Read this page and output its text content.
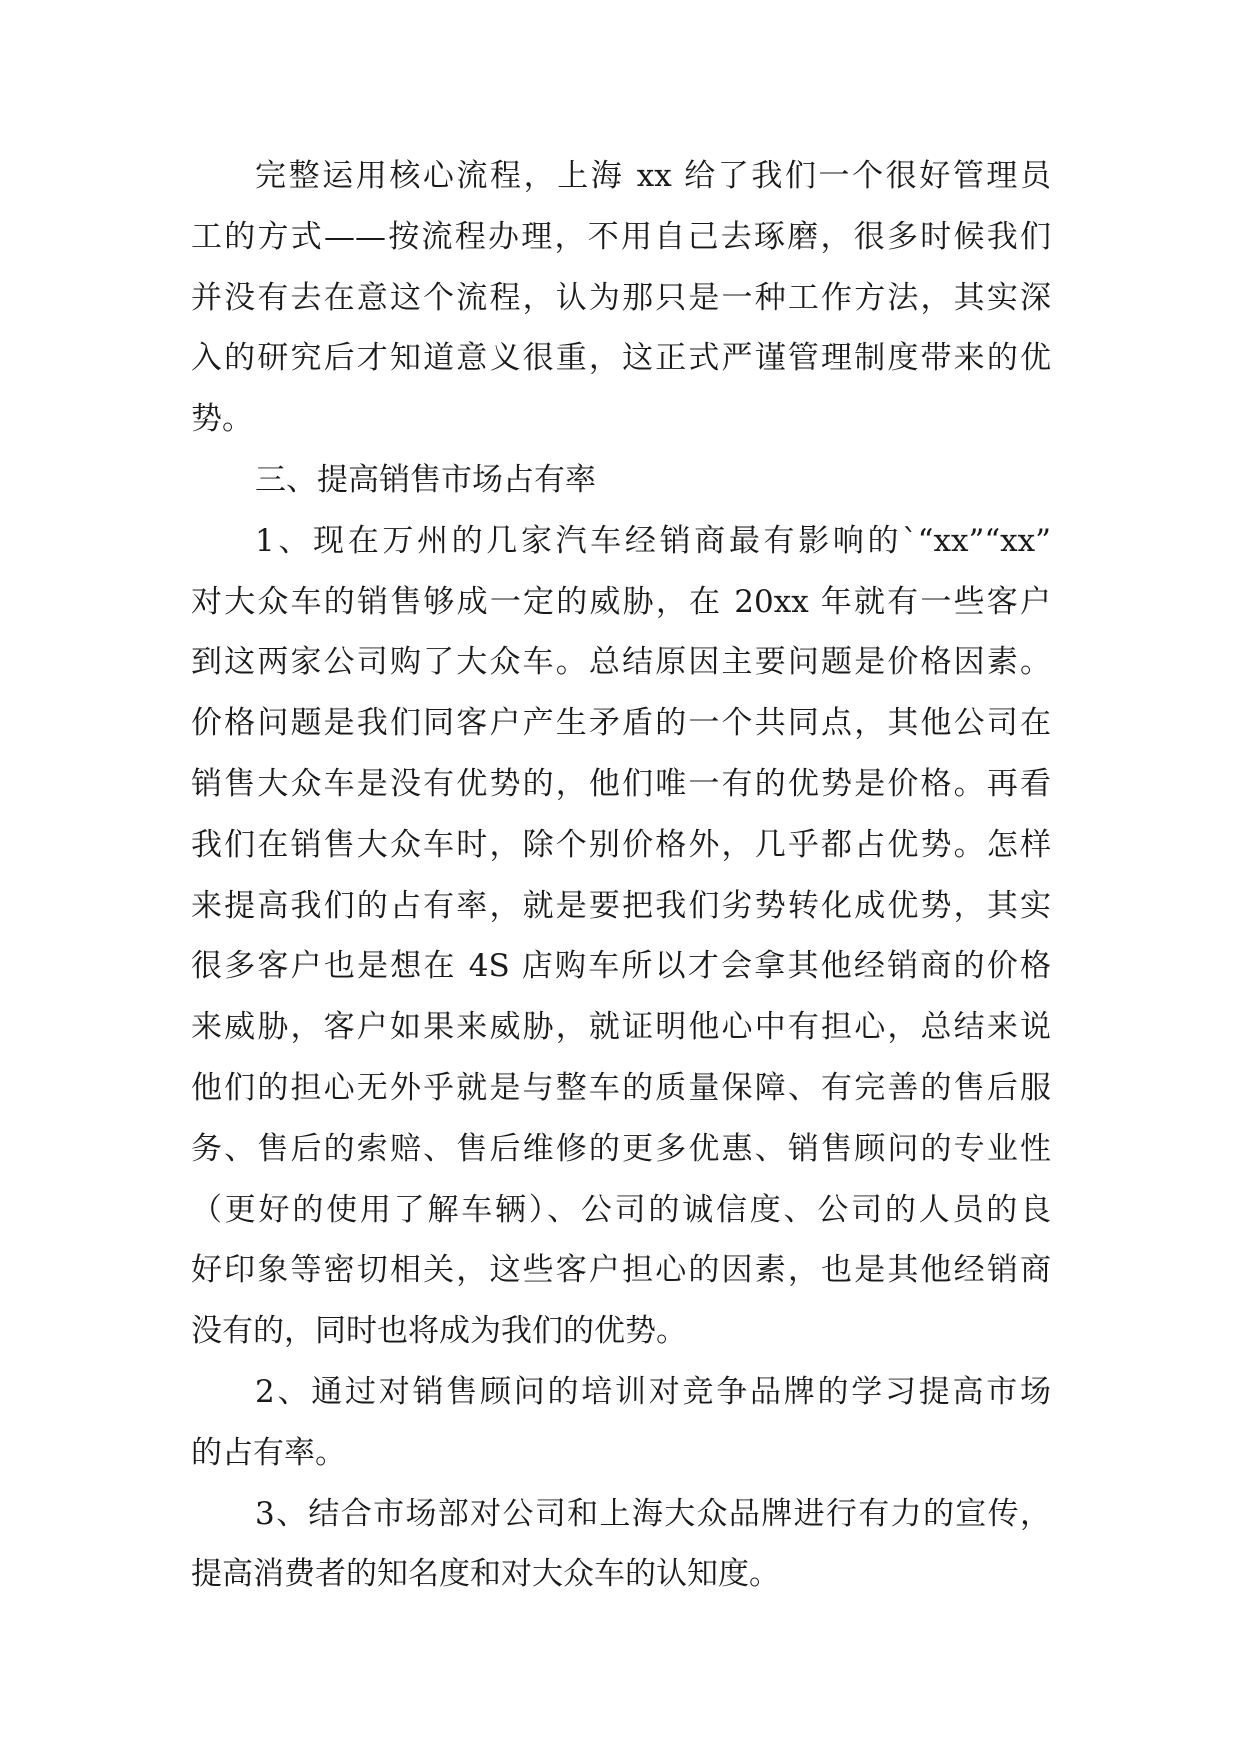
完整运用核心流程，上海 xx 给了我们一个很好管理员
工的方式——按流程办理，不用自己去琢磨，很多时候我们
并没有去在意这个流程，认为那只是一种工作方法，其实深
入的研究后才知道意义很重，这正式严谨管理制度带来的优
势。
三、提高销售市场占有率
1、现在万州的几家汽车经销商最有影响的`“xx”“xx”
对大众车的销售够成一定的威胁，在 20xx 年就有一些客户
到这两家公司购了大众车。总结原因主要问题是价格因素。
价格问题是我们同客户产生矛盾的一个共同点，其他公司在
销售大众车是没有优势的，他们唯一有的优势是价格。再看
我们在销售大众车时，除个别价格外，几乎都占优势。怎样
来提高我们的占有率，就是要把我们劣势转化成优势，其实
很多客户也是想在 4S 店购车所以才会拿其他经销商的价格
来威胁，客户如果来威胁，就证明他心中有担心，总结来说
他们的担心无外乎就是与整车的质量保障、有完善的售后服
务、售后的索赔、售后维修的更多优惠、销售顾问的专业性
（更好的使用了解车辆）、公司的诚信度、公司的人员的良
好印象等密切相关，这些客户担心的因素，也是其他经销商
没有的，同时也将成为我们的优势。
2、通过对销售顾问的培训对竞争品牌的学习提高市场
的占有率。
3、结合市场部对公司和上海大众品牌进行有力的宣传，
提高消费者的知名度和对大众车的认知度。
